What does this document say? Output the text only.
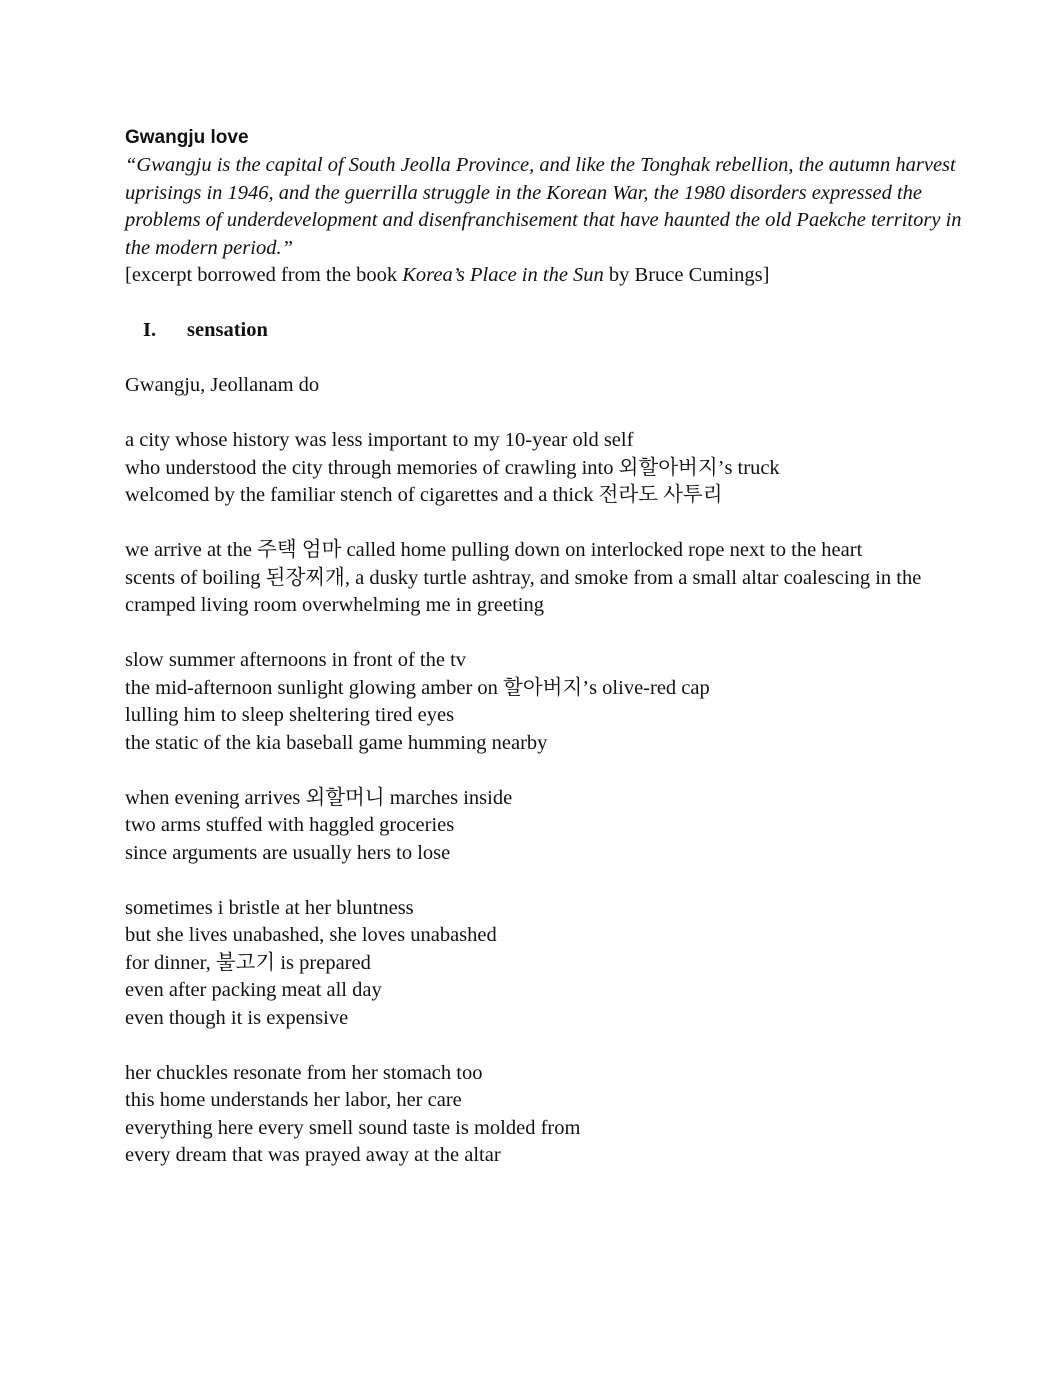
Gwangju love

“Gwangju is the capital of South Jeolla Province, and like the Tonghak rebellion, the autumn harvest uprisings in 1946, and the guerrilla struggle in the Korean War, the 1980 disorders expressed the problems of underdevelopment and disenfranchisement that have haunted the old Paekche territory in the modern period.”

[excerpt borrowed from the book Korea’s Place in the Sun by Bruce Cumings]

I.	sensation

Gwangju, Jeollanam do

a city whose history was less important to my 10-year old self

who understood the city through memories of crawling into 외할아버지’s truck

welcomed by the familiar stench of cigarettes and a thick 전라도 사투리

we arrive at the 주택 엄마 called home pulling down on interlocked rope next to the heart

scents of boiling 된장찌개, a dusky turtle ashtray, and smoke from a small altar coalescing in the

cramped living room overwhelming me in greeting

slow summer afternoons in front of the tv

the mid-afternoon sunlight glowing amber on 할아버지’s olive-red cap

lulling him to sleep sheltering tired eyes

the static of the kia baseball game humming nearby

when evening arrives 외할머니 marches inside

two arms stuffed with haggled groceries

since arguments are usually hers to lose

sometimes i bristle at her bluntness

but she lives unabashed, she loves unabashed

for dinner, 불고기 is prepared

even after packing meat all day

even though it is expensive

her chuckles resonate from her stomach too

this home understands her labor, her care

everything here every smell sound taste is molded from

every dream that was prayed away at the altar
